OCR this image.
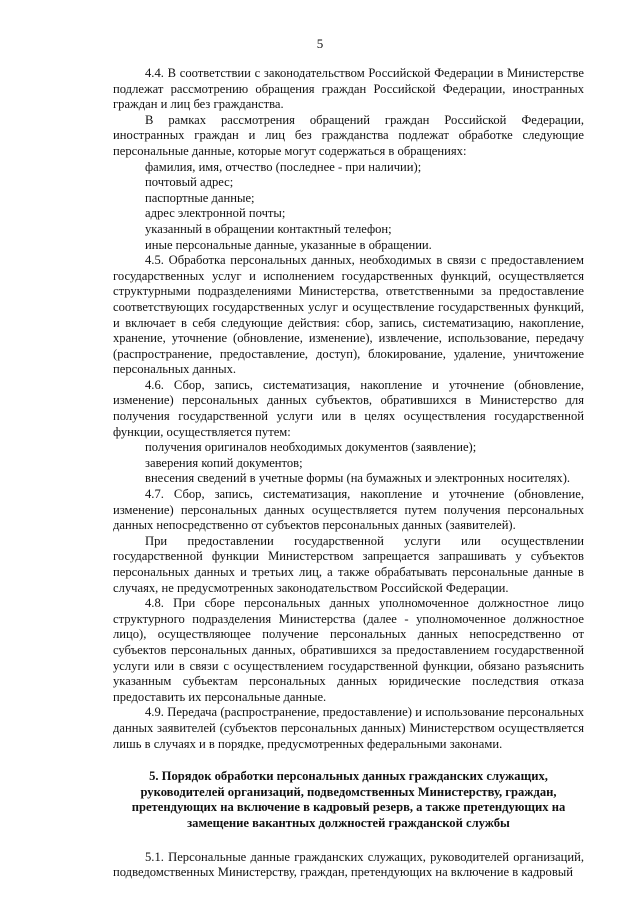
5

4.4. В соответствии с законодательством Российской Федерации в Министерстве подлежат рассмотрению обращения граждан Российской Федерации, иностранных граждан и лиц без гражданства.

В рамках рассмотрения обращений граждан Российской Федерации, иностранных граждан и лиц без гражданства подлежат обработке следующие персональные данные, которые могут содержаться в обращениях:

фамилия, имя, отчество (последнее - при наличии);

почтовый адрес;

паспортные данные;

адрес электронной почты;

указанный в обращении контактный телефон;

иные персональные данные, указанные в обращении.

4.5. Обработка персональных данных, необходимых в связи с предоставлением государственных услуг и исполнением государственных функций, осуществляется структурными подразделениями Министерства, ответственными за предоставление соответствующих государственных услуг и осуществление государственных функций, и включает в себя следующие действия: сбор, запись, систематизацию, накопление, хранение, уточнение (обновление, изменение), извлечение, использование, передачу (распространение, предоставление, доступ), блокирование, удаление, уничтожение персональных данных.

4.6. Сбор, запись, систематизация, накопление и уточнение (обновление, изменение) персональных данных субъектов, обратившихся в Министерство для получения государственной услуги или в целях осуществления государственной функции, осуществляется путем:

получения оригиналов необходимых документов (заявление);

заверения копий документов;

внесения сведений в учетные формы (на бумажных и электронных носителях).

4.7. Сбор, запись, систематизация, накопление и уточнение (обновление, изменение) персональных данных осуществляется путем получения персональных данных непосредственно от субъектов персональных данных (заявителей).

При предоставлении государственной услуги или осуществлении государственной функции Министерством запрещается запрашивать у субъектов персональных данных и третьих лиц, а также обрабатывать персональные данные в случаях, не предусмотренных законодательством Российской Федерации.

4.8. При сборе персональных данных уполномоченное должностное лицо структурного подразделения Министерства (далее - уполномоченное должностное лицо), осуществляющее получение персональных данных непосредственно от субъектов персональных данных, обратившихся за предоставлением государственной услуги или в связи с осуществлением государственной функции, обязано разъяснить указанным субъектам персональных данных юридические последствия отказа предоставить их персональные данные.

4.9. Передача (распространение, предоставление) и использование персональных данных заявителей (субъектов персональных данных) Министерством осуществляется лишь в случаях и в порядке, предусмотренных федеральными законами.

5. Порядок обработки персональных данных гражданских служащих, руководителей организаций, подведомственных Министерству, граждан, претендующих на включение в кадровый резерв, а также претендующих на замещение вакантных должностей гражданской службы

5.1. Персональные данные гражданских служащих, руководителей организаций, подведомственных Министерству, граждан, претендующих на включение в кадровый
